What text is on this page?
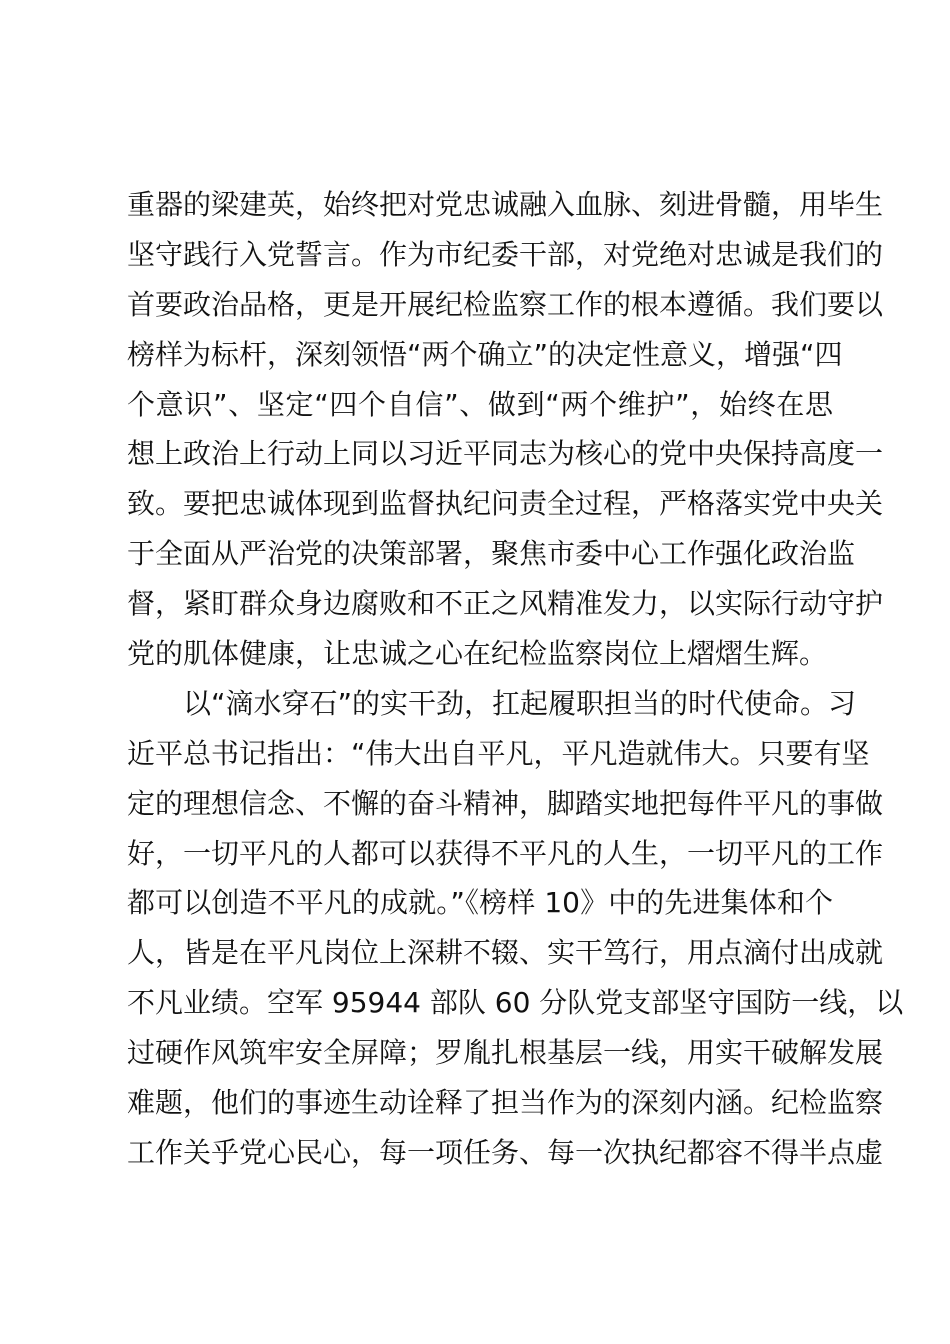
重器的梁建英，始终把对党忠诚融入血脉、刻进骨髓，用毕生
坚守践行入党誓言。作为市纪委干部，对党绝对忠诚是我们的
首要政治品格，更是开展纪检监察工作的根本遵循。我们要以
榜样为标杆，深刻领悟“两个确立”的决定性意义，增强“四
个意识”、坚定“四个自信”、做到“两个维护”，始终在思
想上政治上行动上同以习近平同志为核心的党中央保持高度一
致。要把忠诚体现到监督执纪问责全过程，严格落实党中央关
于全面从严治党的决策部署，聚焦市委中心工作强化政治监
督，紧盯群众身边腐败和不正之风精准发力，以实际行动守护
党的肌体健康，让忠诚之心在纪检监察岗位上熠熠生辉。
以“滴水穿石”的实干劲，扛起履职担当的时代使命。习
近平总书记指出：“伟大出自平凡，平凡造就伟大。只要有坚
定的理想信念、不懈的奋斗精神，脚踏实地把每件平凡的事做
好，一切平凡的人都可以获得不平凡的人生，一切平凡的工作
都可以创造不平凡的成就。”《榜样 10》中的先进集体和个
人，皆是在平凡岗位上深耕不辍、实干笃行，用点滴付出成就
不凡业绩。空军 95944 部队 60 分队党支部坚守国防一线，以
过硬作风筑牢安全屏障；罗胤扎根基层一线，用实干破解发展
难题，他们的事迹生动诠释了担当作为的深刻内涵。纪检监察
工作关乎党心民心，每一项任务、每一次执纪都容不得半点虚
